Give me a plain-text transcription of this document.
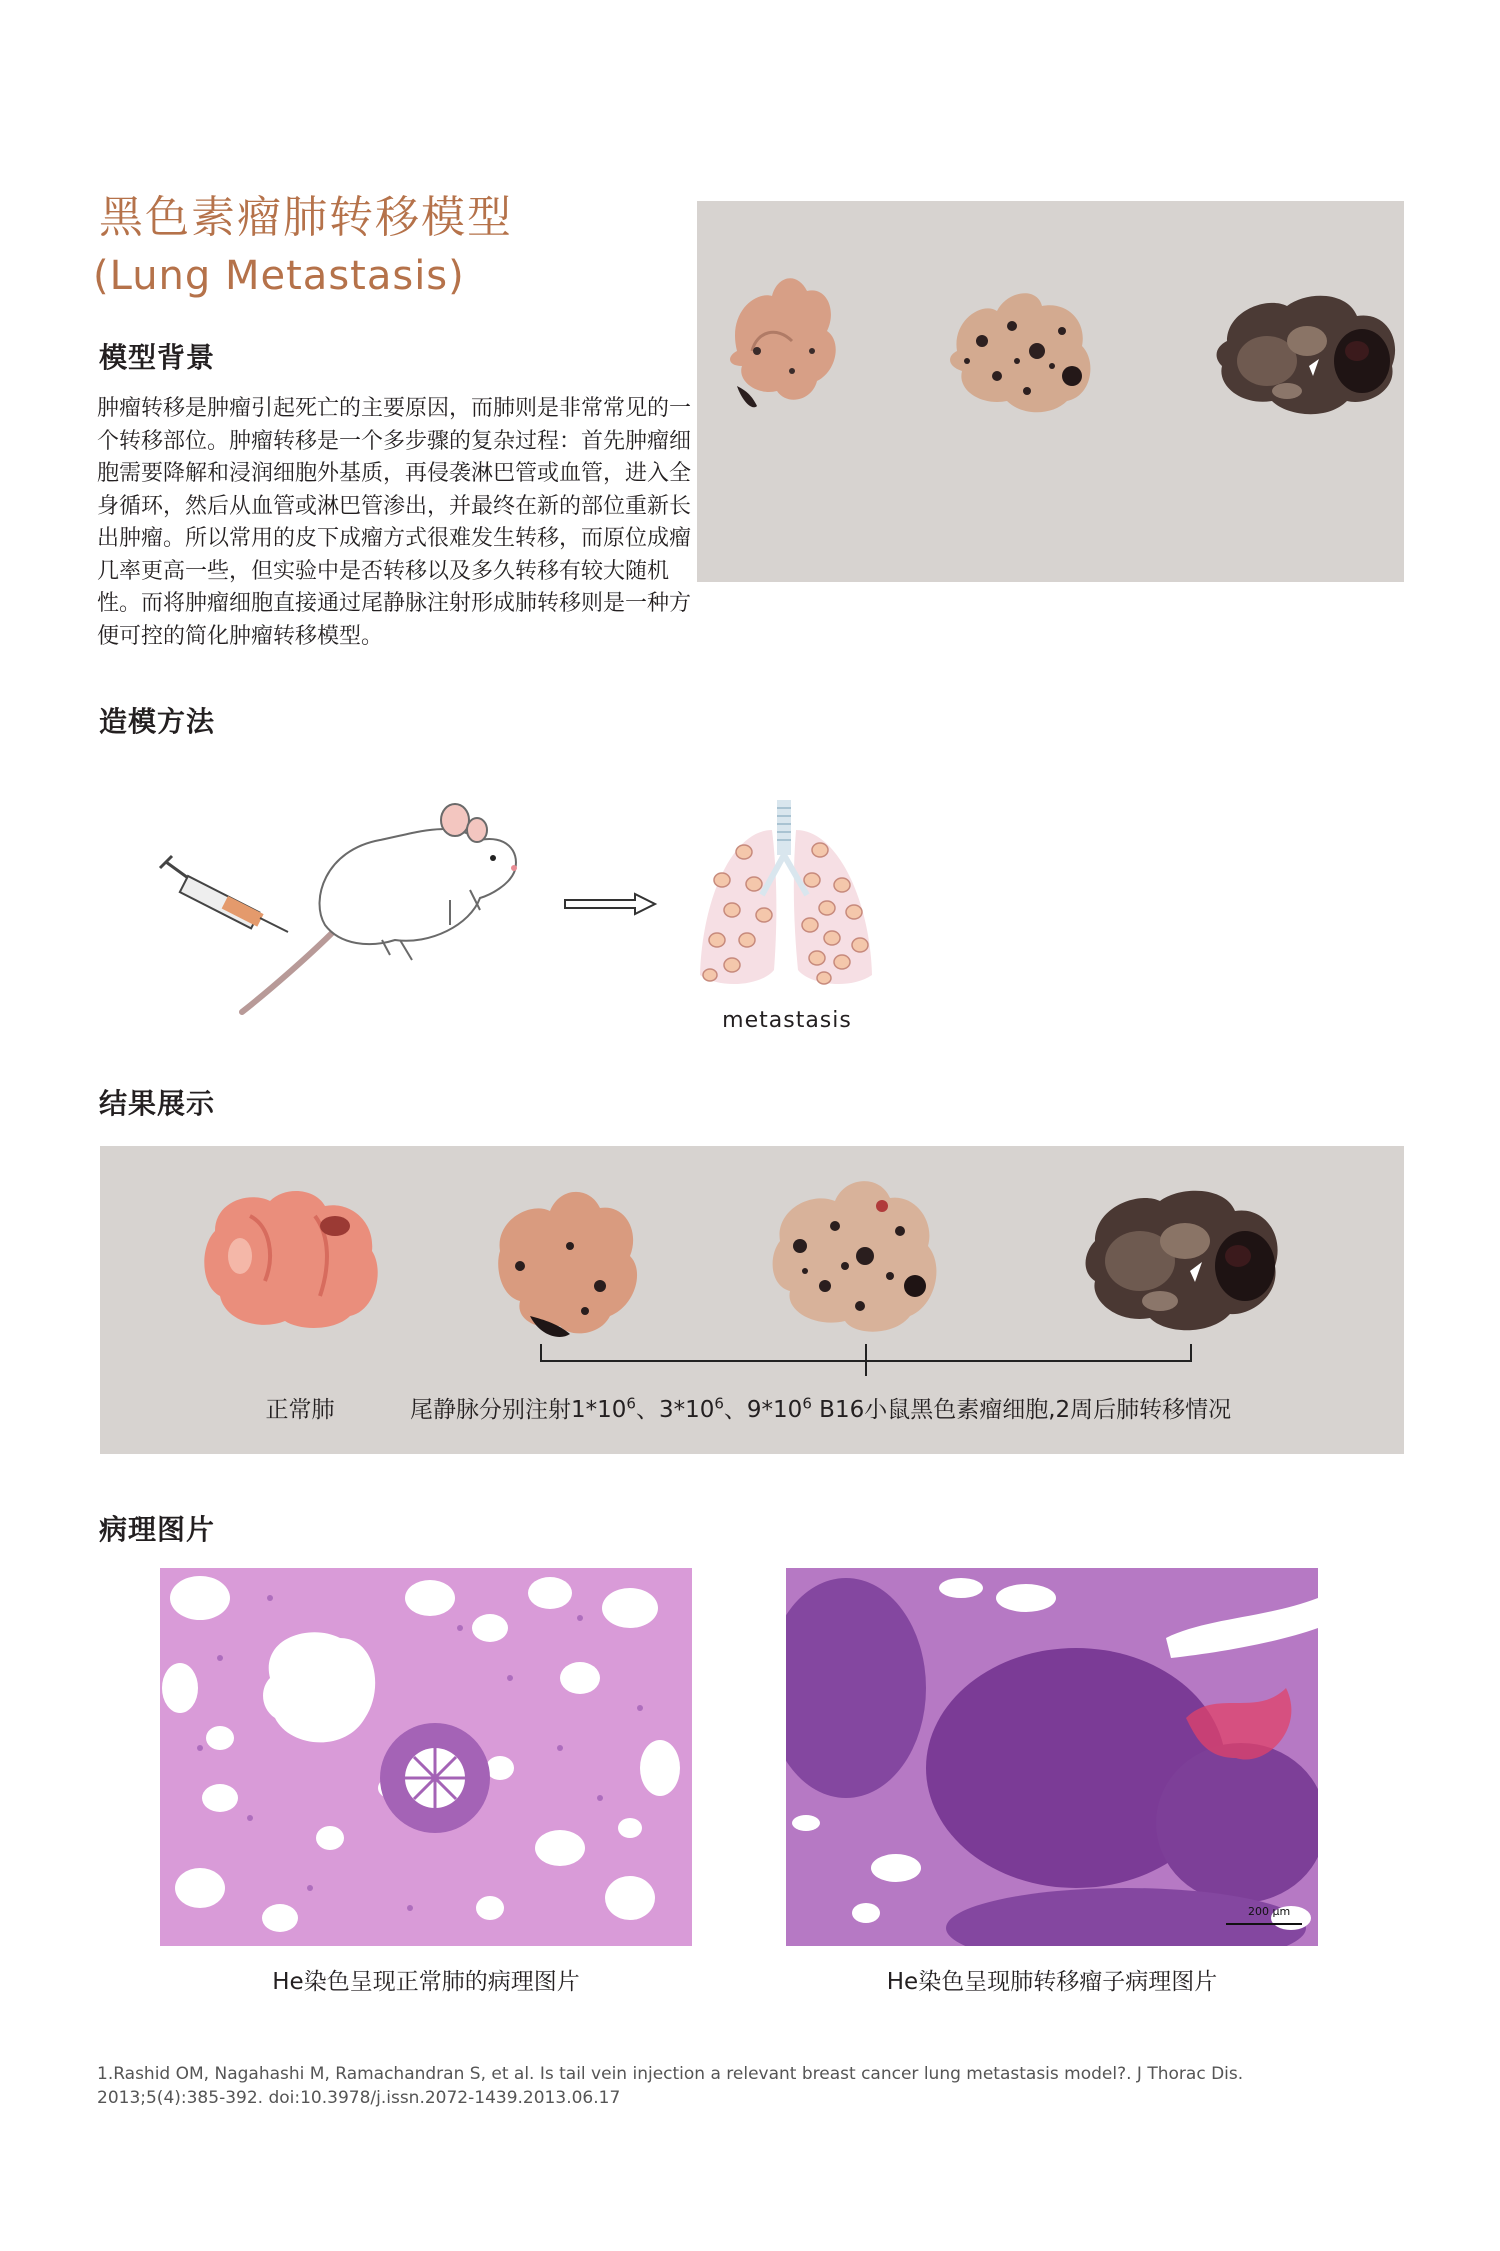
黑色素瘤肺转移模型
(Lung Metastasis)
模型背景
肿瘤转移是肿瘤引起死亡的主要原因，而肺则是非常常见的一个转移部位。肿瘤转移是一个多步骤的复杂过程：首先肿瘤细胞需要降解和浸润细胞外基质，再侵袭淋巴管或血管，进入全身循环，然后从血管或淋巴管渗出，并最终在新的部位重新长出肿瘤。所以常用的皮下成瘤方式很难发生转移，而原位成瘤几率更高一些，但实验中是否转移以及多久转移有较大随机性。而将肿瘤细胞直接通过尾静脉注射形成肺转移则是一种方便可控的简化肿瘤转移模型。
造模方法
metastasis
结果展示
正常肺	尾静脉分别注射$1*10^6$、$3*10^6$、$9*10^6$ B16小鼠黑色素瘤细胞,2周后肺转移情况
病理图片
200 μm
He染色呈现正常肺的病理图片	He染色呈现肺转移瘤子病理图片
1.Rashid OM, Nagahashi M, Ramachandran S, et al. Is tail vein injection a relevant breast cancer lung metastasis model?. J Thorac Dis.
2013;5(4):385-392. doi:10.3978/j.issn.2072-1439.2013.06.17
